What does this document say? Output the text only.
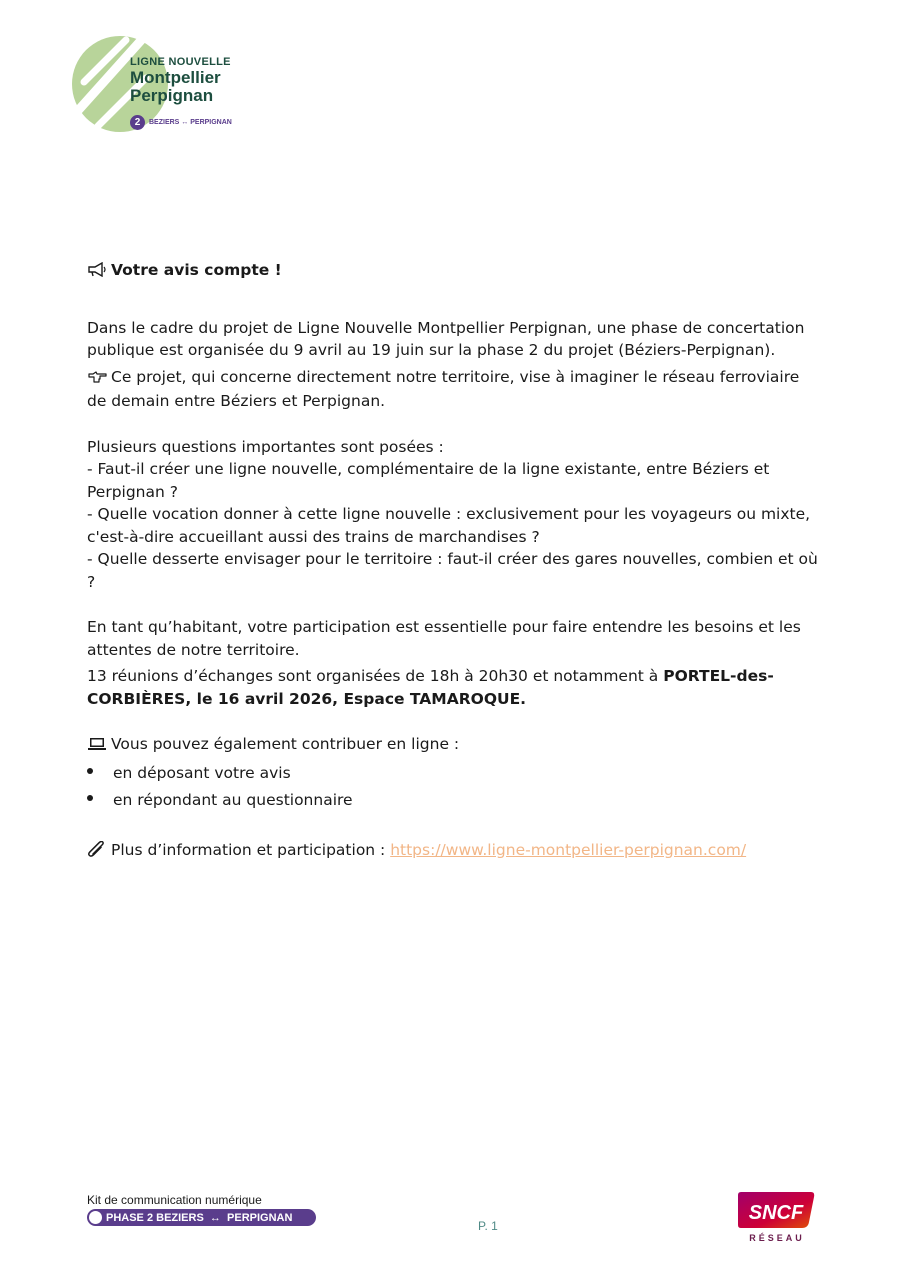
LIGNE NOUVELLE
Montpellier
Perpignan
2	BEZIERS ↔ PERPIGNAN

Votre avis compte !

Dans le cadre du projet de Ligne Nouvelle Montpellier Perpignan, une phase de concertation publique est organisée du 9 avril au 19 juin sur la phase 2 du projet (Béziers-Perpignan).

Ce projet, qui concerne directement notre territoire, vise à imaginer le réseau ferroviaire de demain entre Béziers et Perpignan.

Plusieurs questions importantes sont posées :

- Faut-il créer une ligne nouvelle, complémentaire de la ligne existante, entre Béziers et Perpignan ?

- Quelle vocation donner à cette ligne nouvelle : exclusivement pour les voyageurs ou mixte, c'est-à-dire accueillant aussi des trains de marchandises ?

- Quelle desserte envisager pour le territoire : faut-il créer des gares nouvelles, combien et où ?

En tant qu’habitant, votre participation est essentielle pour faire entendre les besoins et les attentes de notre territoire.

13 réunions d’échanges sont organisées de 18h à 20h30 et notamment à PORTEL-des-CORBIÈRES, le 16 avril 2026, Espace TAMAROQUE.

Vous pouvez également contribuer en ligne :

en déposant votre avis
en répondant au questionnaire

Plus d’information et participation : https://www.ligne-montpellier-perpignan.com/

Kit de communication numérique
PHASE 2 BEZIERS  ↔  PERPIGNAN
P. 1
SNCF
RÉSEAU
